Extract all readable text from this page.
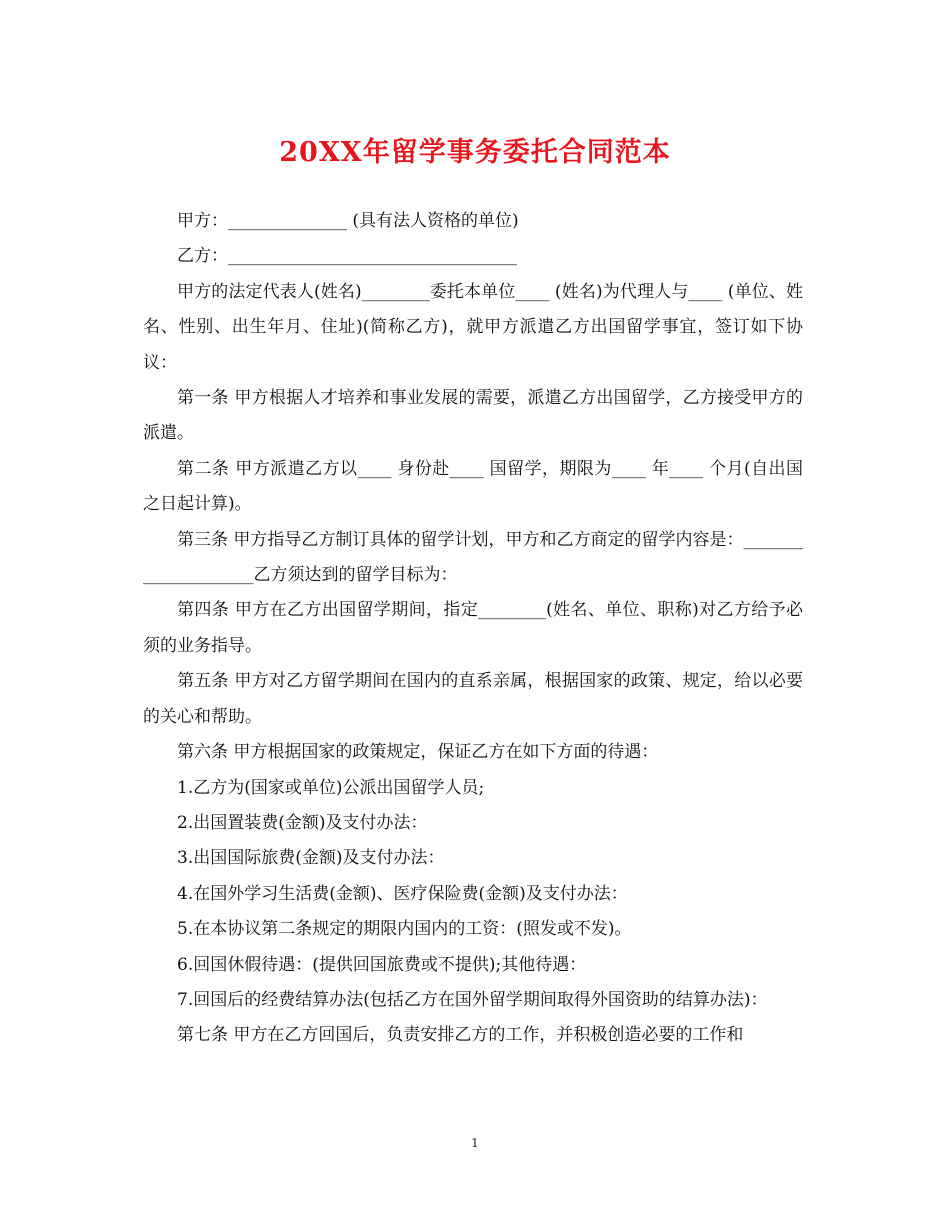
20XX年留学事务委托合同范本

甲方：______________ (具有法人资格的单位)

乙方：__________________________________

甲方的法定代表人(姓名)________委托本单位____ (姓名)为代理人与____ (单位、姓名、性别、出生年月、住址)(简称乙方)，就甲方派遣乙方出国留学事宜，签订如下协议：

第一条 甲方根据人才培养和事业发展的需要，派遣乙方出国留学，乙方接受甲方的派遣。

第二条 甲方派遣乙方以____ 身份赴____ 国留学，期限为____ 年____ 个月(自出国之日起计算)。

第三条 甲方指导乙方制订具体的留学计划，甲方和乙方商定的留学内容是：____________________乙方须达到的留学目标为：

第四条 甲方在乙方出国留学期间，指定________(姓名、单位、职称)对乙方给予必须的业务指导。

第五条 甲方对乙方留学期间在国内的直系亲属，根据国家的政策、规定，给以必要的关心和帮助。

第六条 甲方根据国家的政策规定，保证乙方在如下方面的待遇：

1.乙方为(国家或单位)公派出国留学人员;

2.出国置装费(金额)及支付办法：

3.出国国际旅费(金额)及支付办法：

4.在国外学习生活费(金额)、医疗保险费(金额)及支付办法：

5.在本协议第二条规定的期限内国内的工资：(照发或不发)。

6.回国休假待遇：(提供回国旅费或不提供);其他待遇：

7.回国后的经费结算办法(包括乙方在国外留学期间取得外国资助的结算办法)：

第七条 甲方在乙方回国后，负责安排乙方的工作，并积极创造必要的工作和

1
